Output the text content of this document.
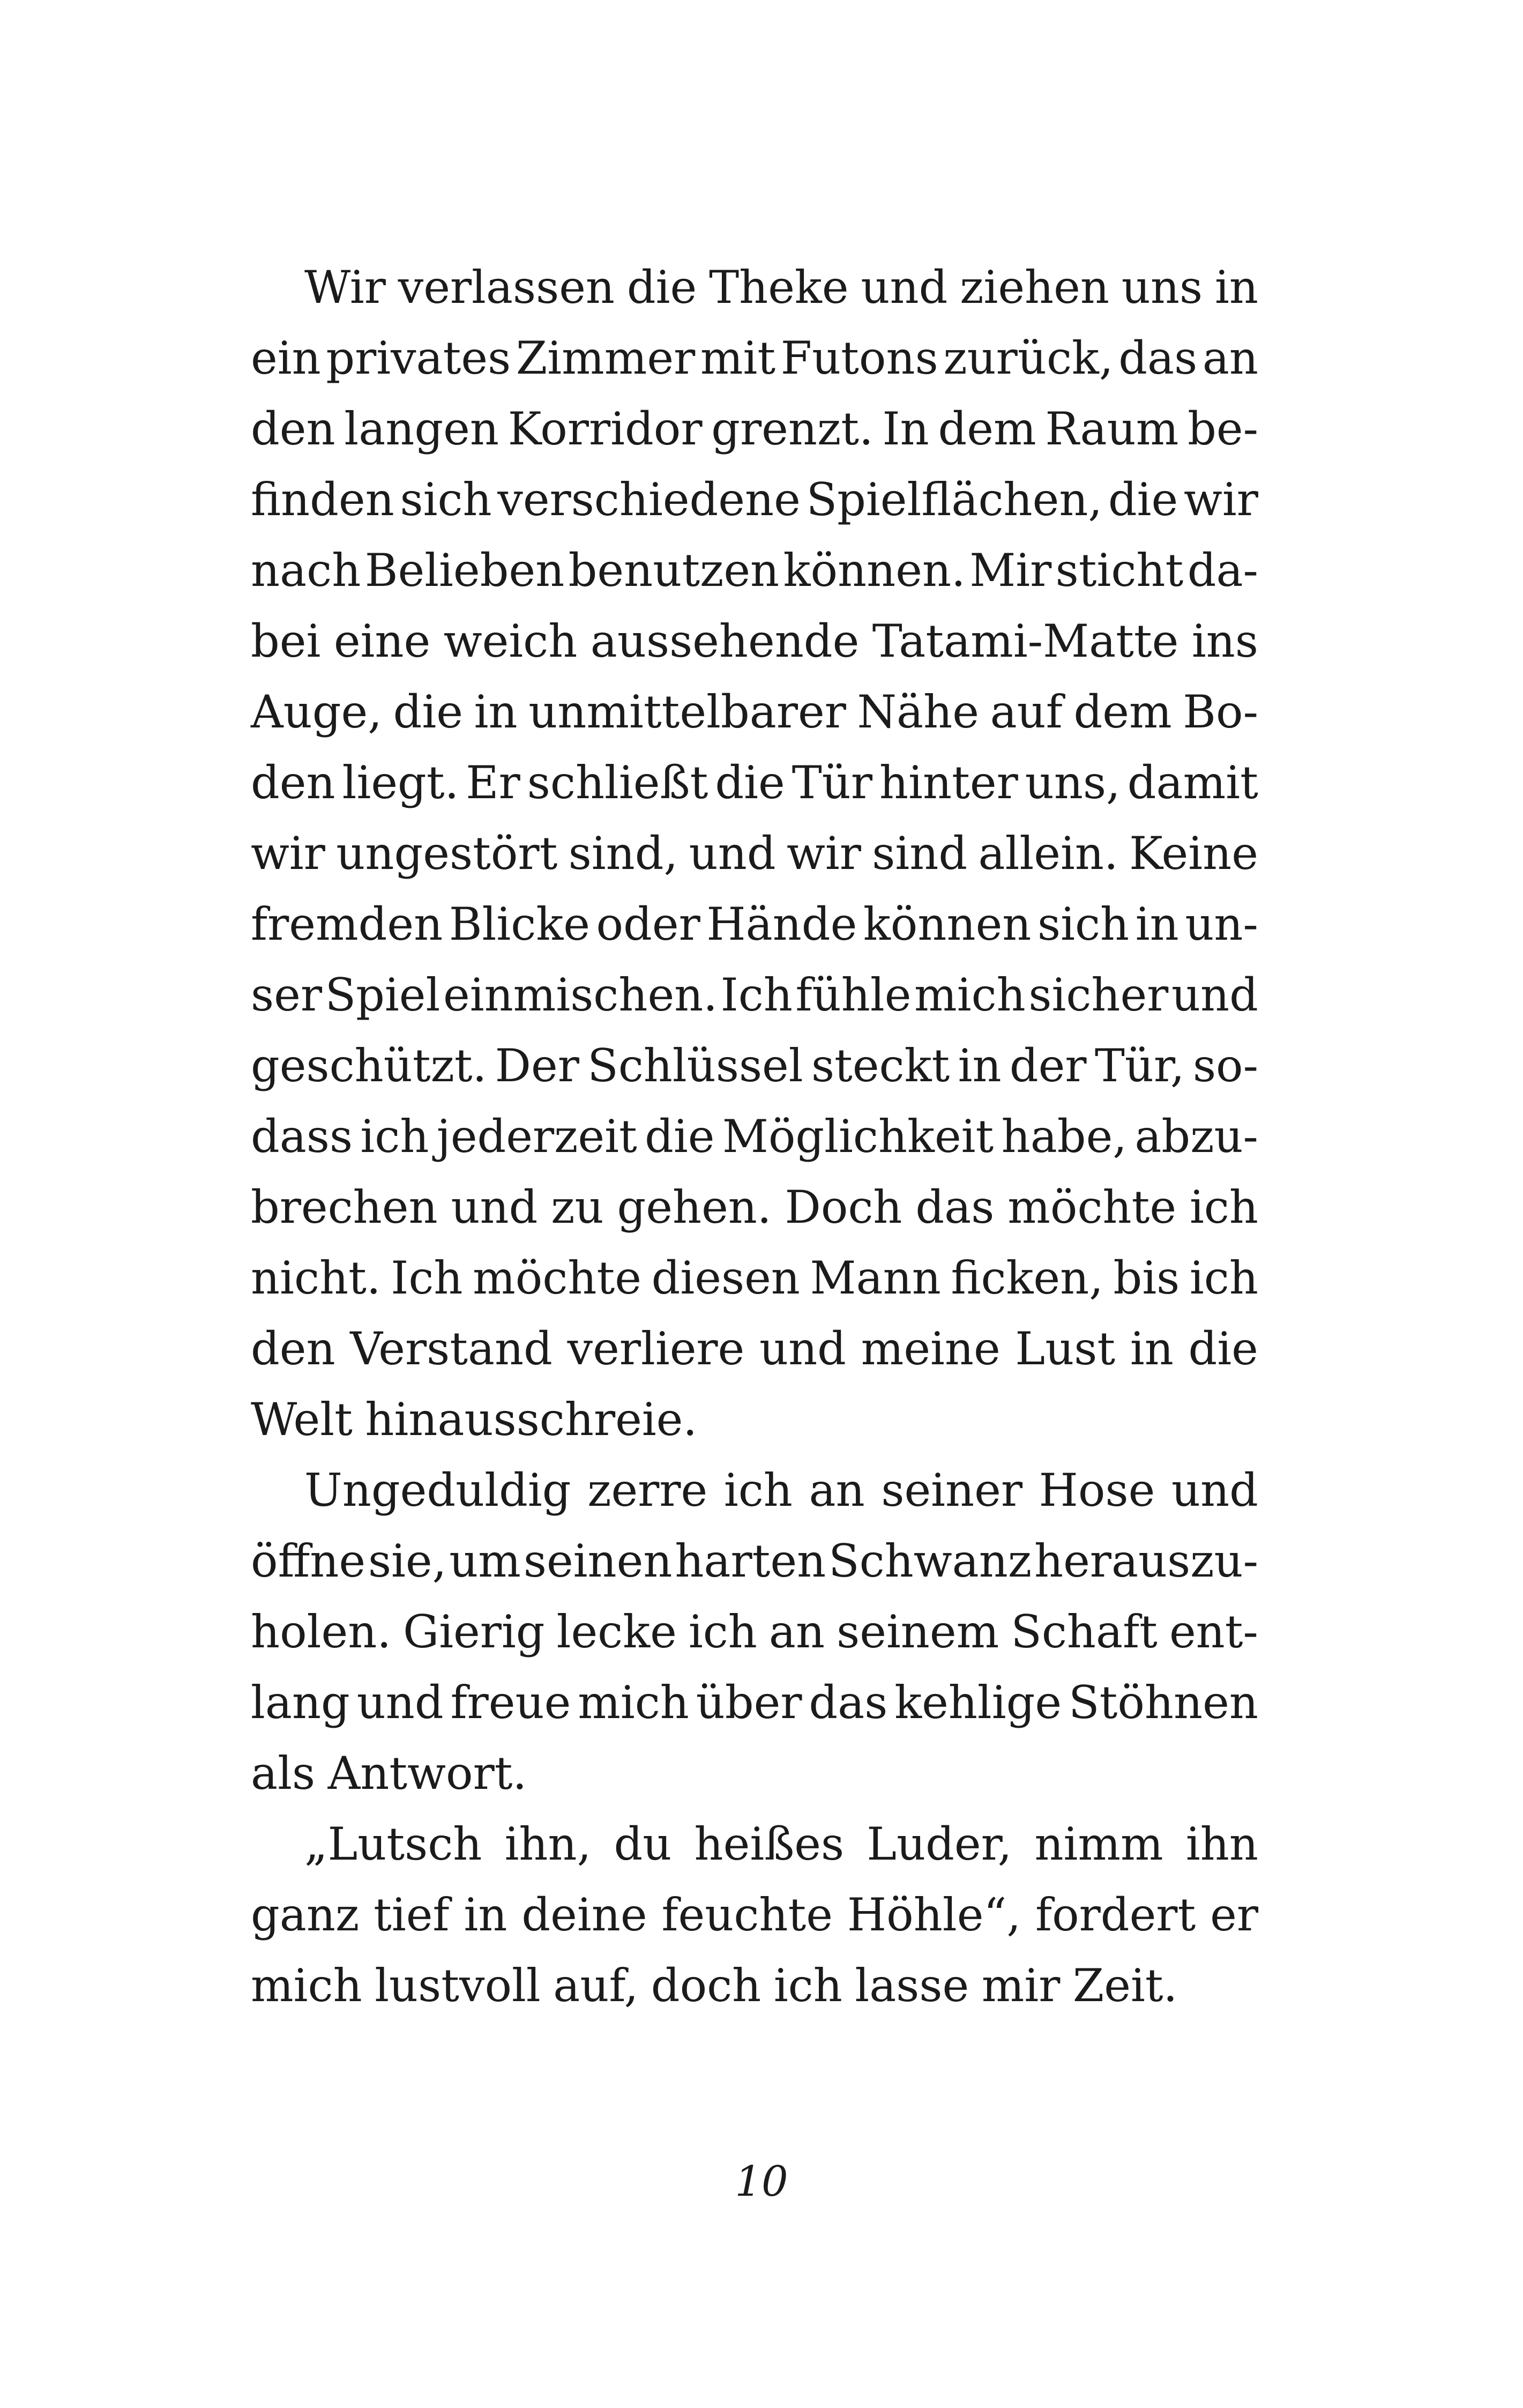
Wir verlassen die Theke und ziehen uns in
ein privates Zimmer mit Futons zurück, das an
den langen Korridor grenzt. In dem Raum be-
finden sich verschiedene Spielflächen, die wir
nach Belieben benutzen können. Mir sticht da-
bei eine weich aussehende Tatami-Matte ins
Auge, die in unmittelbarer Nähe auf dem Bo-
den liegt. Er schließt die Tür hinter uns, damit
wir ungestört sind, und wir sind allein. Keine
fremden Blicke oder Hände können sich in un-
ser Spiel einmischen. Ich fühle mich sicher und
geschützt. Der Schlüssel steckt in der Tür, so-
dass ich jederzeit die Möglichkeit habe, abzu-
brechen und zu gehen. Doch das möchte ich
nicht. Ich möchte diesen Mann ficken, bis ich
den Verstand verliere und meine Lust in die
Welt hinausschreie.
Ungeduldig zerre ich an seiner Hose und
öffne sie, um seinen harten Schwanz herauszu-
holen. Gierig lecke ich an seinem Schaft ent-
lang und freue mich über das kehlige Stöhnen
als Antwort.
„Lutsch ihn, du heißes Luder, nimm ihn
ganz tief in deine feuchte Höhle“, fordert er
mich lustvoll auf, doch ich lasse mir Zeit.
10
